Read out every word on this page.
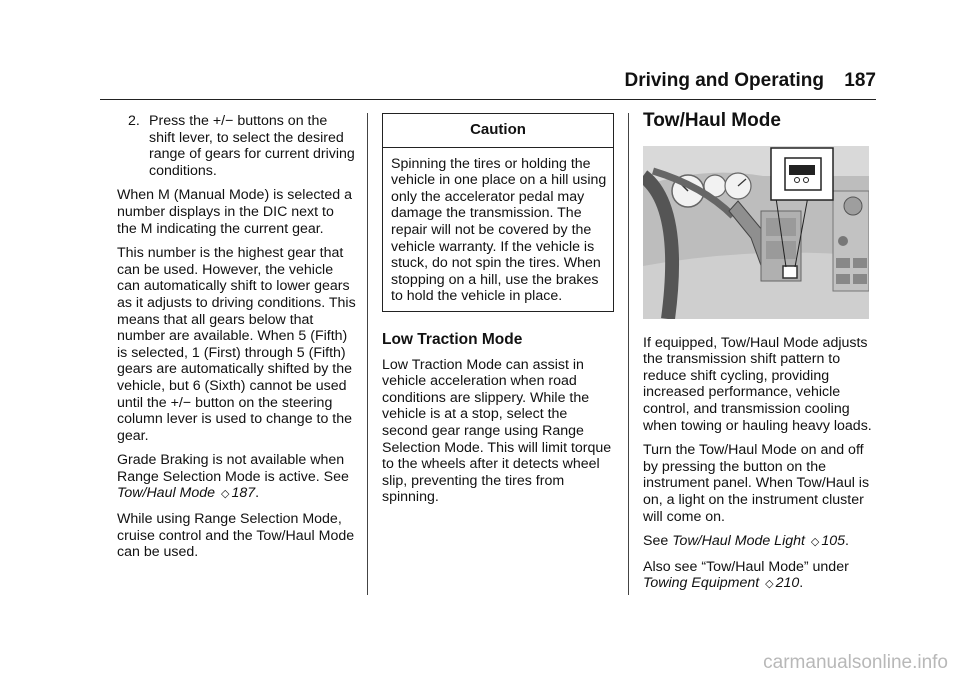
Driving and Operating 187
2. Press the +/− buttons on the shift lever, to select the desired range of gears for current driving conditions.

When M (Manual Mode) is selected a number displays in the DIC next to the M indicating the current gear.

This number is the highest gear that can be used. However, the vehicle can automatically shift to lower gears as it adjusts to driving conditions. This means that all gears below that number are available. When 5 (Fifth) is selected, 1 (First) through 5 (Fifth) gears are automatically shifted by the vehicle, but 6 (Sixth) cannot be used until the +/− button on the steering column lever is used to change to the gear.

Grade Braking is not available when Range Selection Mode is active. See Tow/Haul Mode ◇ 187.

While using Range Selection Mode, cruise control and the Tow/Haul Mode can be used.

Caution
Spinning the tires or holding the vehicle in one place on a hill using only the accelerator pedal may damage the transmission. The repair will not be covered by the vehicle warranty. If the vehicle is stuck, do not spin the tires. When stopping on a hill, use the brakes to hold the vehicle in place.
Low Traction Mode

Low Traction Mode can assist in vehicle acceleration when road conditions are slippery. While the vehicle is at a stop, select the second gear range using Range Selection Mode. This will limit torque to the wheels after it detects wheel slip, preventing the tires from spinning.

Tow/Haul Mode

If equipped, Tow/Haul Mode adjusts the transmission shift pattern to reduce shift cycling, providing increased performance, vehicle control, and transmission cooling when towing or hauling heavy loads.

Turn the Tow/Haul Mode on and off by pressing the button on the instrument panel. When Tow/Haul is on, a light on the instrument cluster will come on.

See Tow/Haul Mode Light ◇ 105.

Also see “Tow/Haul Mode” under
Towing Equipment ◇ 210.

carmanualsonline.info
